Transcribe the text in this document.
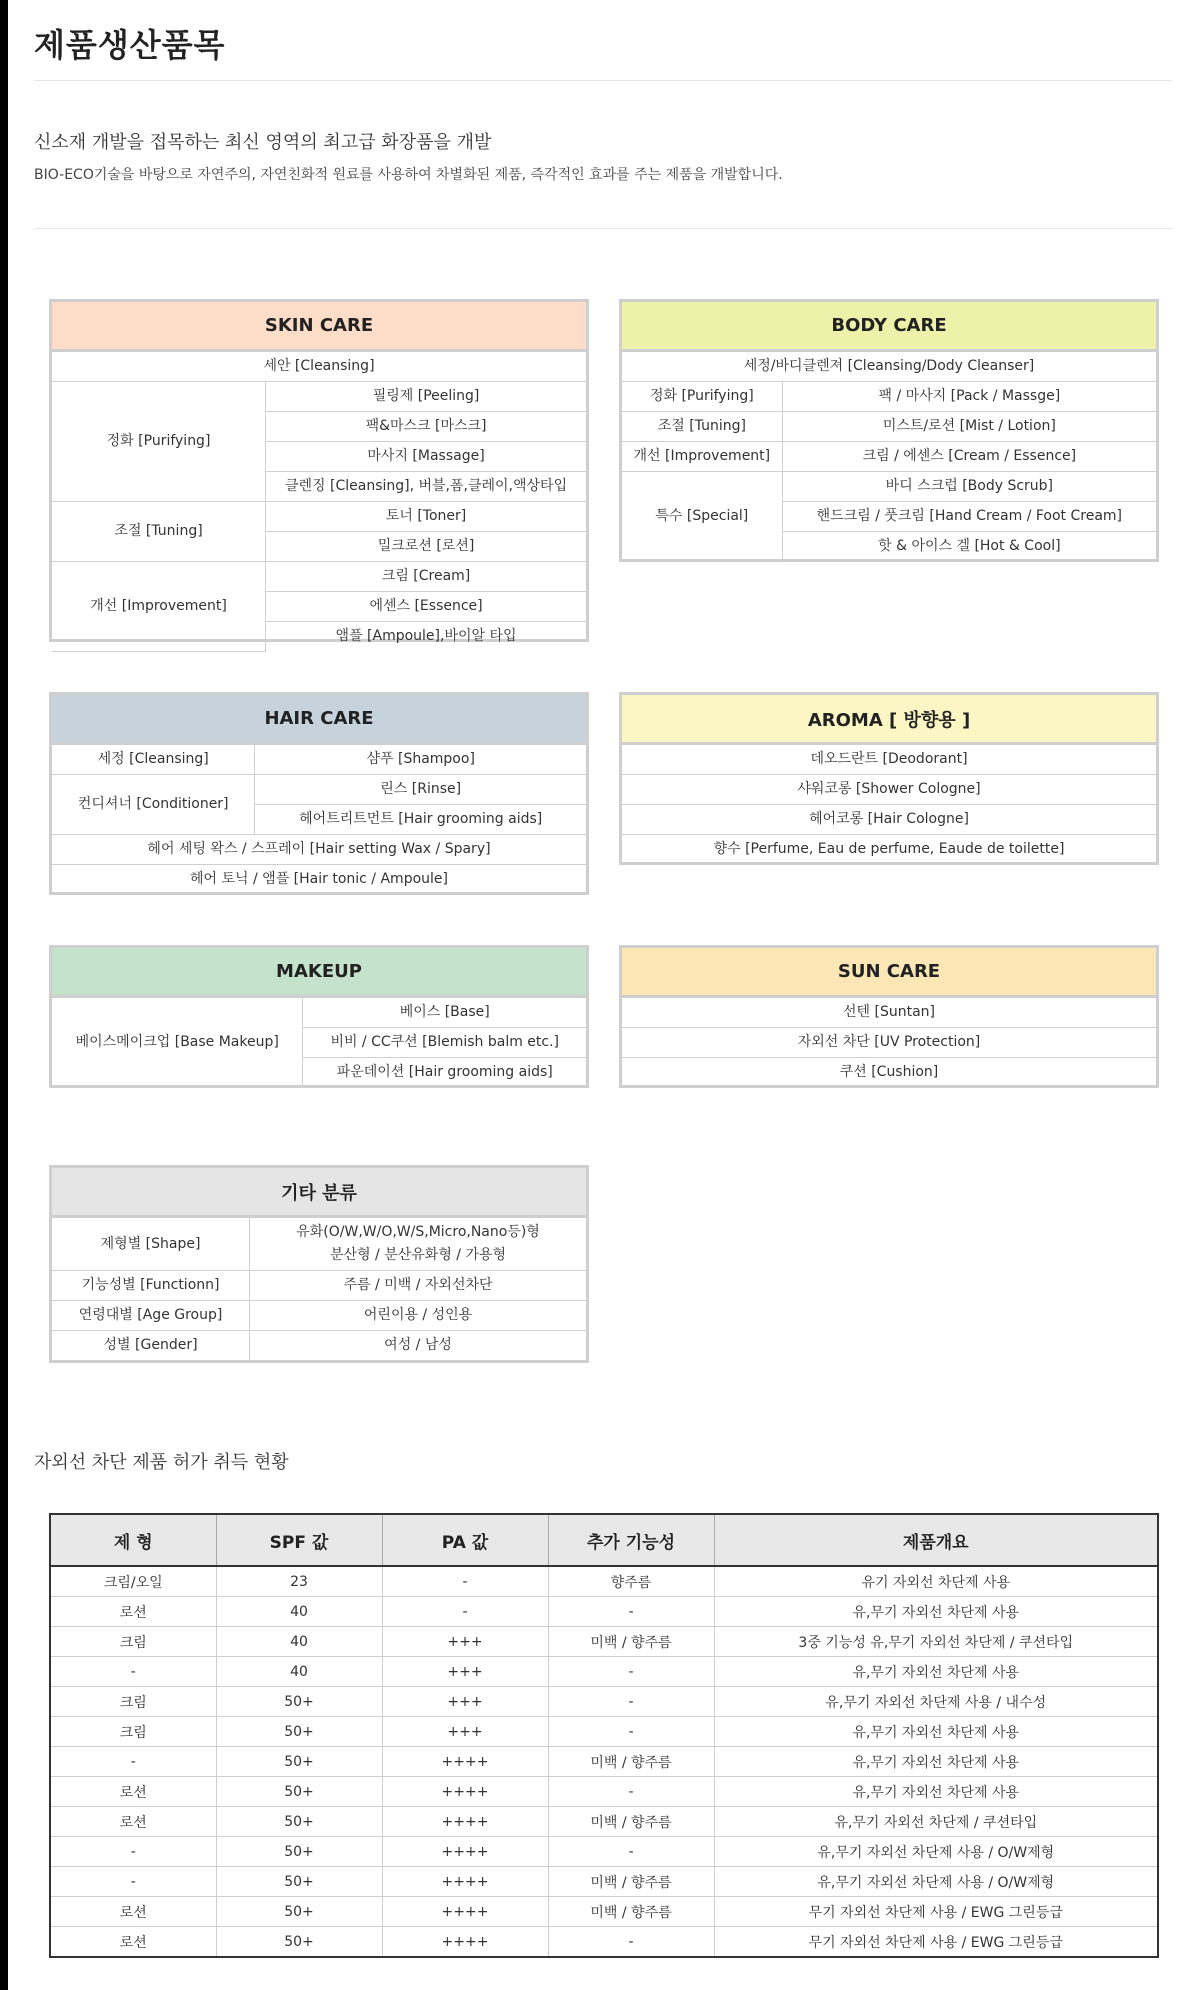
제품생산품목
신소재 개발을 접목하는 최신 영역의 최고급 화장품을 개발

BIO-ECO기술을 바탕으로 자연주의, 자연친화적 원료를 사용하여 차별화된 제품, 즉각적인 효과를 주는 제품을 개발합니다.

SKIN CARE	
세안 [Cleansing]	
정화 [Purifying]	필링제 [Peeling]
	팩&마스크 [마스크]
	마사지 [Massage]
	클렌징 [Cleansing], 버블,폼,클레이,액상타입
조절 [Tuning]	토너 [Toner]
	밀크로션 [로션]
개선 [Improvement]	크림 [Cream]
	에센스 [Essence]
	앰플 [Ampoule],바이알 타입
BODY CARE	
세정/바디클렌져 [Cleansing/Dody Cleanser]	
정화 [Purifying]	팩 / 마사지 [Pack / Massge]
조절 [Tuning]	미스트/로션 [Mist / Lotion]
개선 [Improvement]	크림 / 에센스 [Cream / Essence]
특수 [Special]	바디 스크럽 [Body Scrub]
	핸드크림 / 풋크림 [Hand Cream / Foot Cream]
	핫 & 아이스 겔 [Hot & Cool]
HAIR CARE	
세정 [Cleansing]	샴푸 [Shampoo]
컨디셔너 [Conditioner]	린스 [Rinse]
	헤어트리트먼트 [Hair grooming aids]
헤어 세팅 왁스 / 스프레이 [Hair setting Wax / Spary]	
헤어 토닉 / 앰플 [Hair tonic / Ampoule]	
AROMA [ 방향용 ]
데오드란트 [Deodorant]
샤워코롱 [Shower Cologne]
헤어코롱 [Hair Cologne]
향수 [Perfume, Eau de perfume, Eaude de toilette]
MAKEUP
베이스메이크업 [Base Makeup]	베이스 [Base]
비비 / CC쿠션 [Blemish balm etc.]
파운데이션 [Hair grooming aids]
SUN CARE
선텐 [Suntan]
자외선 차단 [UV Protection]
쿠션 [Cushion]
기타 분류	
제형별 [Shape]	유화(O/W,W/O,W/S,Micro,Nano등)형
분산형 / 분산유화형 / 가용형

기능성별 [Functionn]	주름 / 미백 / 자외선차단
연령대별 [Age Group]	어린이용 / 성인용
성별 [Gender]	여성 / 남성
자외선 차단 제품 허가 취득 현황
제 형	SPF 값	PA 값	추가 기능성	제품개요
크림/오일	23	-	향주름	유기 자외선 차단제 사용
로션	40	-	-	유,무기 자외선 차단제 사용
크림	40	+++	미백 / 향주름	3중 기능성 유,무기 자외선 차단제 / 쿠션타입
-	40	+++	-	유,무기 자외선 차단제 사용
크림	50+	+++	-	유,무기 자외선 차단제 사용 / 내수성
크림	50+	+++	-	유,무기 자외선 차단제 사용
-	50+	++++	미백 / 향주름	유,무기 자외선 차단제 사용
로션	50+	++++	-	유,무기 자외선 차단제 사용
로션	50+	++++	미백 / 향주름	유,무기 자외선 차단제 / 쿠션타입
-	50+	++++	-	유,무기 자외선 차단제 사용 / O/W제형
-	50+	++++	미백 / 향주름	유,무기 자외선 차단제 사용 / O/W제형
로션	50+	++++	미백 / 향주름	무기 자외선 차단제 사용 / EWG 그린등급
로션	50+	++++	-	무기 자외선 차단제 사용 / EWG 그린등급
